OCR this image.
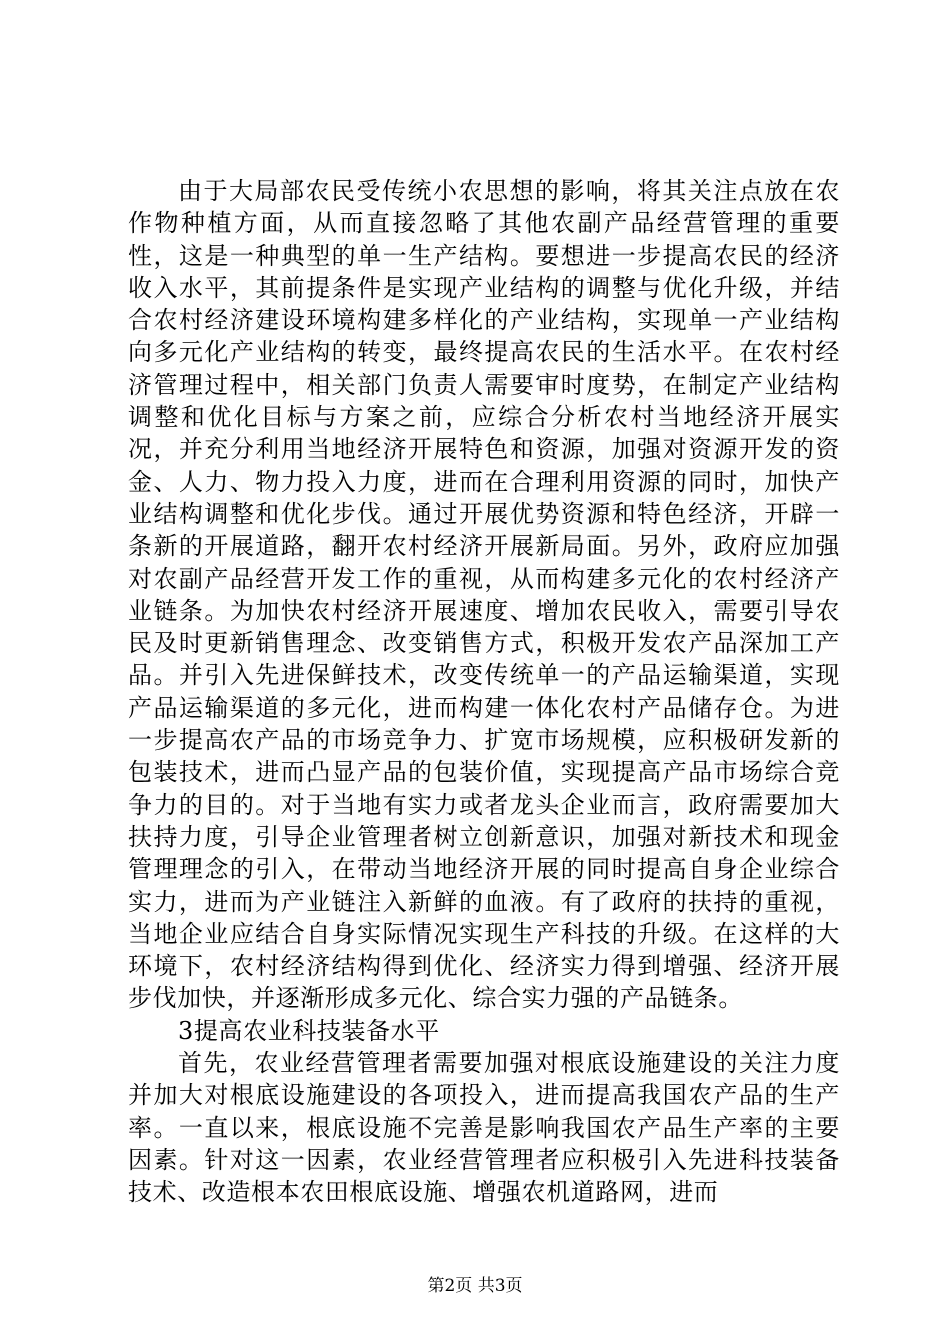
由于大局部农民受传统小农思想的影响，将其关注点放在农作物种植方面，从而直接忽略了其他农副产品经营管理的重要性，这是一种典型的单一生产结构。要想进一步提高农民的经济收入水平，其前提条件是实现产业结构的调整与优化升级，并结合农村经济建设环境构建多样化的产业结构，实现单一产业结构向多元化产业结构的转变，最终提高农民的生活水平。在农村经济管理过程中，相关部门负责人需要审时度势，在制定产业结构调整和优化目标与方案之前，应综合分析农村当地经济开展实况，并充分利用当地经济开展特色和资源，加强对资源开发的资金、人力、物力投入力度，进而在合理利用资源的同时，加快产业结构调整和优化步伐。通过开展优势资源和特色经济，开辟一条新的开展道路，翻开农村经济开展新局面。另外，政府应加强对农副产品经营开发工作的重视，从而构建多元化的农村经济产业链条。为加快农村经济开展速度、增加农民收入，需要引导农民及时更新销售理念、改变销售方式，积极开发农产品深加工产品。并引入先进保鲜技术，改变传统单一的产品运输渠道，实现产品运输渠道的多元化，进而构建一体化农村产品储存仓。为进一步提高农产品的市场竞争力、扩宽市场规模，应积极研发新的包装技术，进而凸显产品的包装价值，实现提高产品市场综合竞争力的目的。对于当地有实力或者龙头企业而言，政府需要加大扶持力度，引导企业管理者树立创新意识，加强对新技术和现金管理理念的引入，在带动当地经济开展的同时提高自身企业综合实力，进而为产业链注入新鲜的血液。有了政府的扶持的重视，当地企业应结合自身实际情况实现生产科技的升级。在这样的大环境下，农村经济结构得到优化、经济实力得到增强、经济开展步伐加快，并逐渐形成多元化、综合实力强的产品链条。

3提高农业科技装备水平

首先，农业经营管理者需要加强对根底设施建设的关注力度并加大对根底设施建设的各项投入，进而提高我国农产品的生产率。一直以来，根底设施不完善是影响我国农产品生产率的主要因素。针对这一因素，农业经营管理者应积极引入先进科技装备技术、改造根本农田根底设施、增强农机道路网，进而

第2页 共3页
